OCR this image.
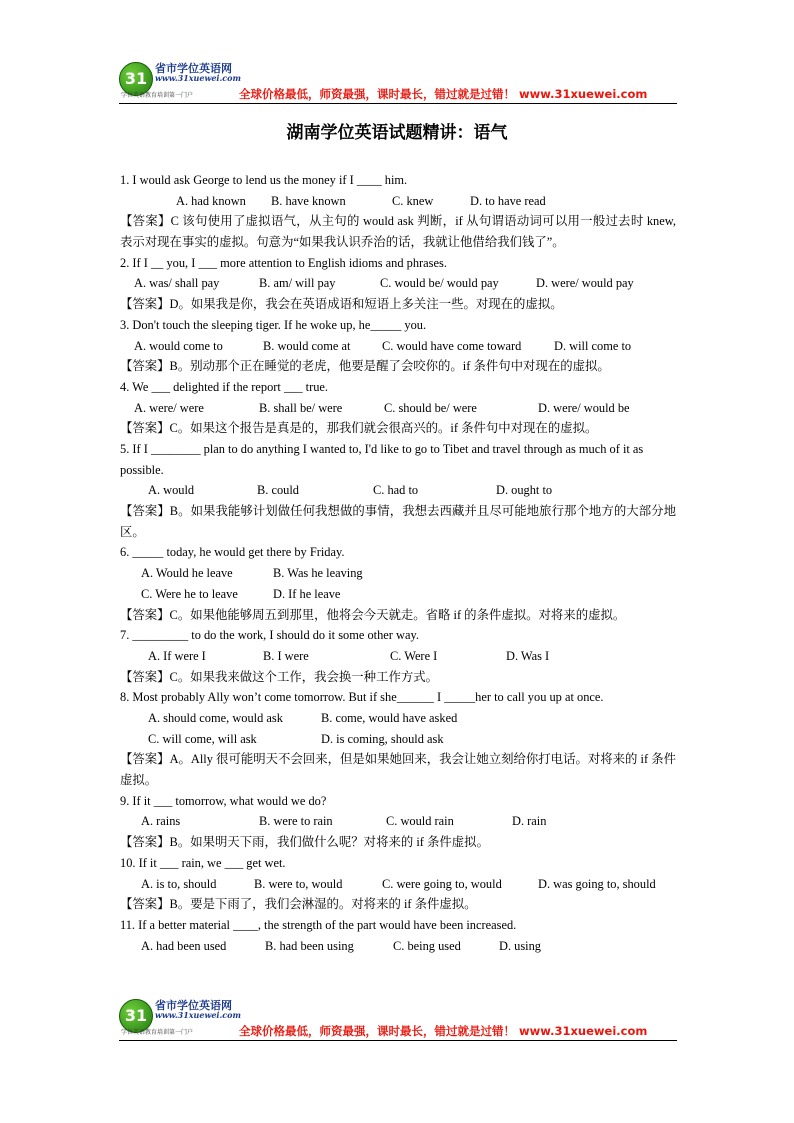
31
省市学位英语网
www.31xuewei.com
学位英语教育培训第一门户	全球价格最低，师资最强，课时最长，错过就是过错！ www.31xuewei.com
湖南学位英语试题精讲：语气
1. I would ask George to lend us the money if I ____ him.
A. had known B. have known	C. knew	D. to have read
【答案】C 该句使用了虚拟语气，从主句的 would ask 判断，if 从句谓语动词可以用一般过去时 knew,表示对现在事实的虚拟。句意为“如果我认识乔治的话，我就让他借给我们钱了”。
2. If I __ you, I ___ more attention to English idioms and phrases.
A. was/ shall pay	B. am/ will pay	C. would be/ would pay	D. were/ would pay
【答案】D。如果我是你，我会在英语成语和短语上多关注一些。对现在的虚拟。
3. Don't touch the sleeping tiger. If he woke up, he_____ you.
A. would come to	B. would come at	C. would have come toward	D. will come to
【答案】B。别动那个正在睡觉的老虎，他要是醒了会咬你的。if 条件句中对现在的虚拟。
4. We ___ delighted if the report ___ true.
A. were/ were	B. shall be/ were	C. should be/ were	D. were/ would be
【答案】C。如果这个报告是真是的，那我们就会很高兴的。if 条件句中对现在的虚拟。
5. If I ________ plan to do anything I wanted to, I'd like to go to Tibet and travel through as much of it as possible.
A. would	B. could	C. had to	D. ought to
【答案】B。如果我能够计划做任何我想做的事情，我想去西藏并且尽可能地旅行那个地方的大部分地区。
6. _____ today, he would get there by Friday.
A. Would he leave	B. Was he leaving
C. Were he to leave	D. If he leave
【答案】C。如果他能够周五到那里，他将会今天就走。省略 if 的条件虚拟。对将来的虚拟。
7. _________ to do the work, I should do it some other way.
A. If were I	B. I were	C. Were I	D. Was I
【答案】C。如果我来做这个工作，我会换一种工作方式。
8. Most probably Ally won’t come tomorrow. But if she______ I _____her to call you up at once.
A. should come, would ask	B. come, would have asked
C. will come, will ask	D. is coming, should ask
【答案】A。Ally 很可能明天不会回来，但是如果她回来，我会让她立刻给你打电话。对将来的 if 条件虚拟。
9. If it ___ tomorrow, what would we do?
A. rains	B. were to rain	C. would rain	D. rain
【答案】B。如果明天下雨，我们做什么呢？对将来的 if 条件虚拟。
10. If it ___ rain, we ___ get wet.
A. is to, should	B. were to, would	C. were going to, would	D. was going to, should
【答案】B。要是下雨了，我们会淋湿的。对将来的 if 条件虚拟。
11. If a better material ____, the strength of the part would have been increased.
A. had been used	B. had been using	C. being used	D. using
31
省市学位英语网
www.31xuewei.com
学位英语教育培训第一门户	全球价格最低，师资最强，课时最长，错过就是过错！ www.31xuewei.com
